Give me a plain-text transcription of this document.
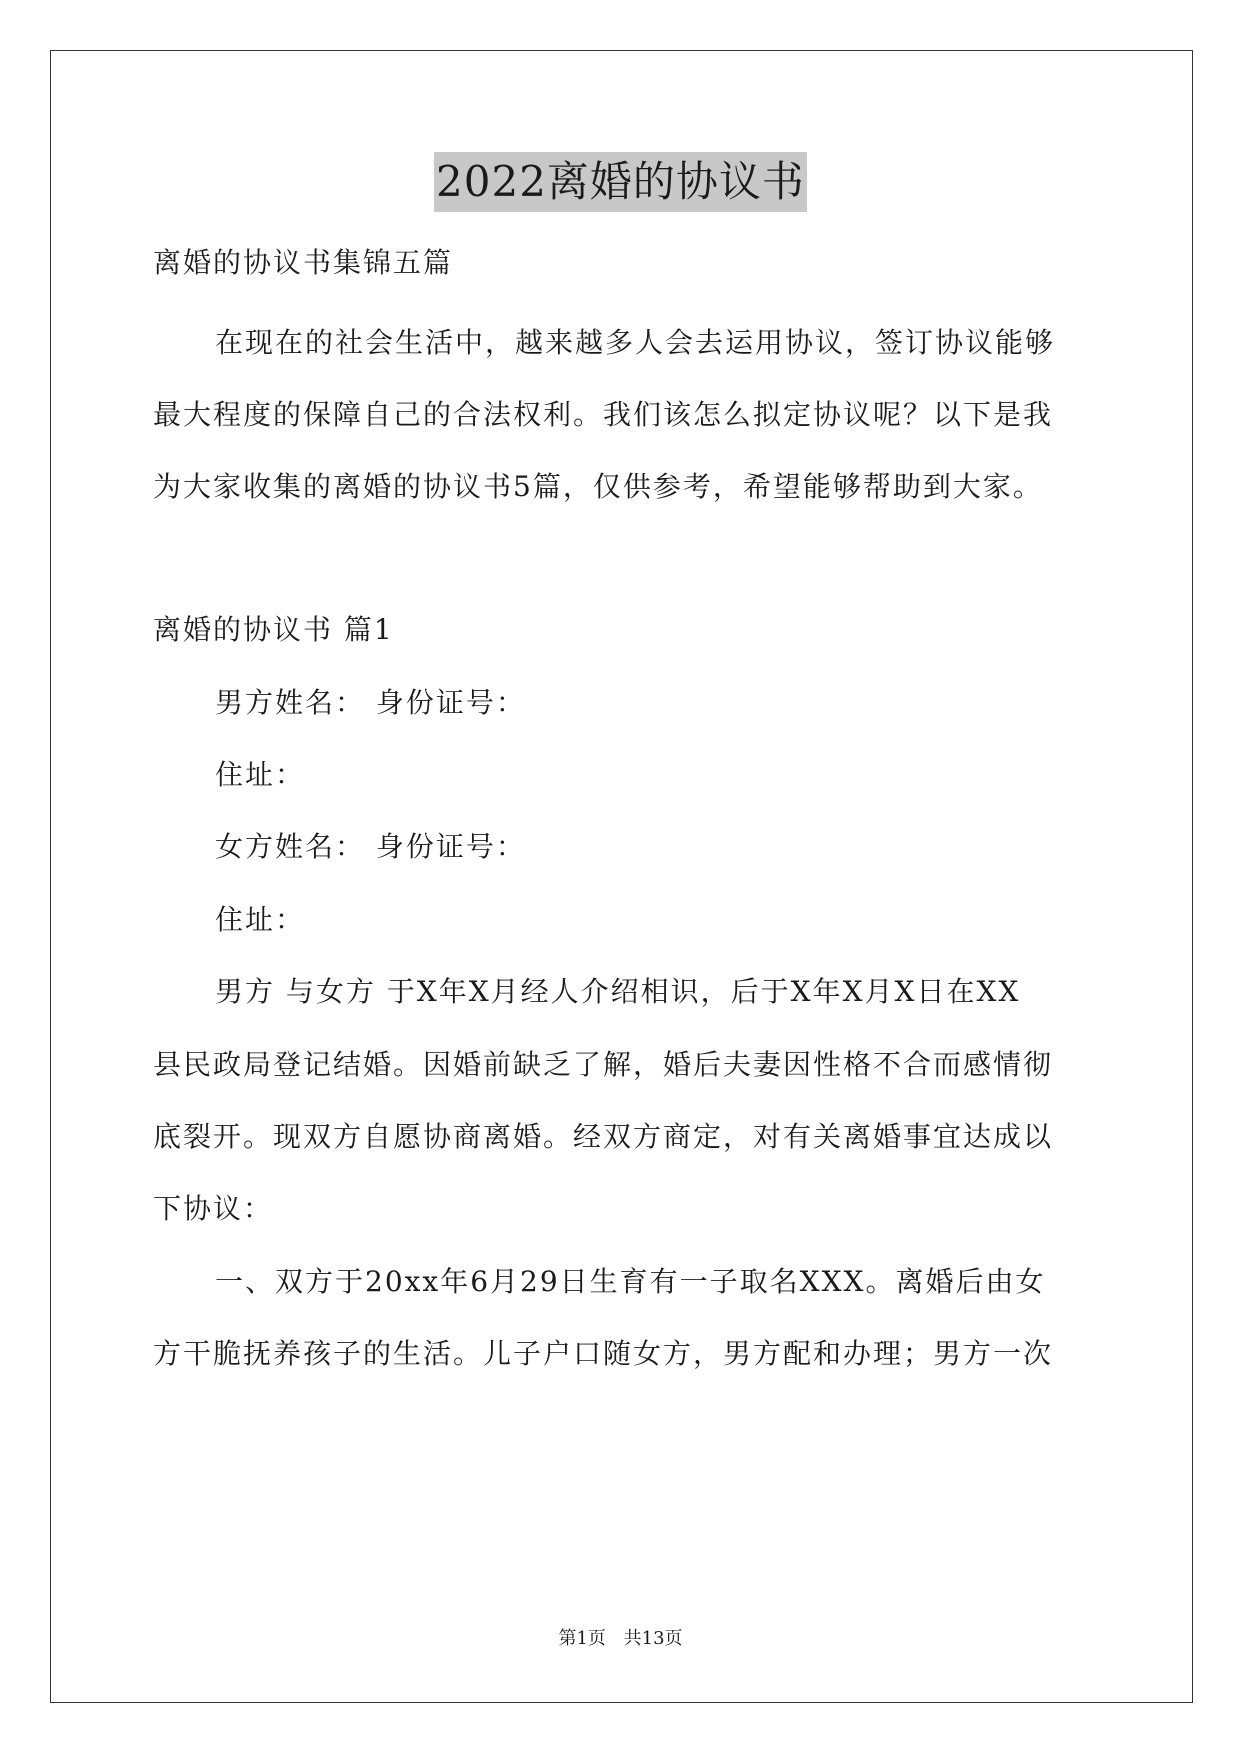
2022离婚的协议书
离婚的协议书集锦五篇
在现在的社会生活中，越来越多人会去运用协议，签订协议能够
最大程度的保障自己的合法权利。我们该怎么拟定协议呢？以下是我
为大家收集的离婚的协议书5篇，仅供参考，希望能够帮助到大家。
离婚的协议书 篇1
男方姓名： 身份证号：
住址：
女方姓名： 身份证号：
住址：
男方 与女方 于X年X月经人介绍相识，后于X年X月X日在XX
县民政局登记结婚。因婚前缺乏了解，婚后夫妻因性格不合而感情彻
底裂开。现双方自愿协商离婚。经双方商定，对有关离婚事宜达成以
下协议：
一、双方于20xx年6月29日生育有一子取名XXX。离婚后由女
方干脆抚养孩子的生活。儿子户口随女方，男方配和办理；男方一次
第1页 共13页
